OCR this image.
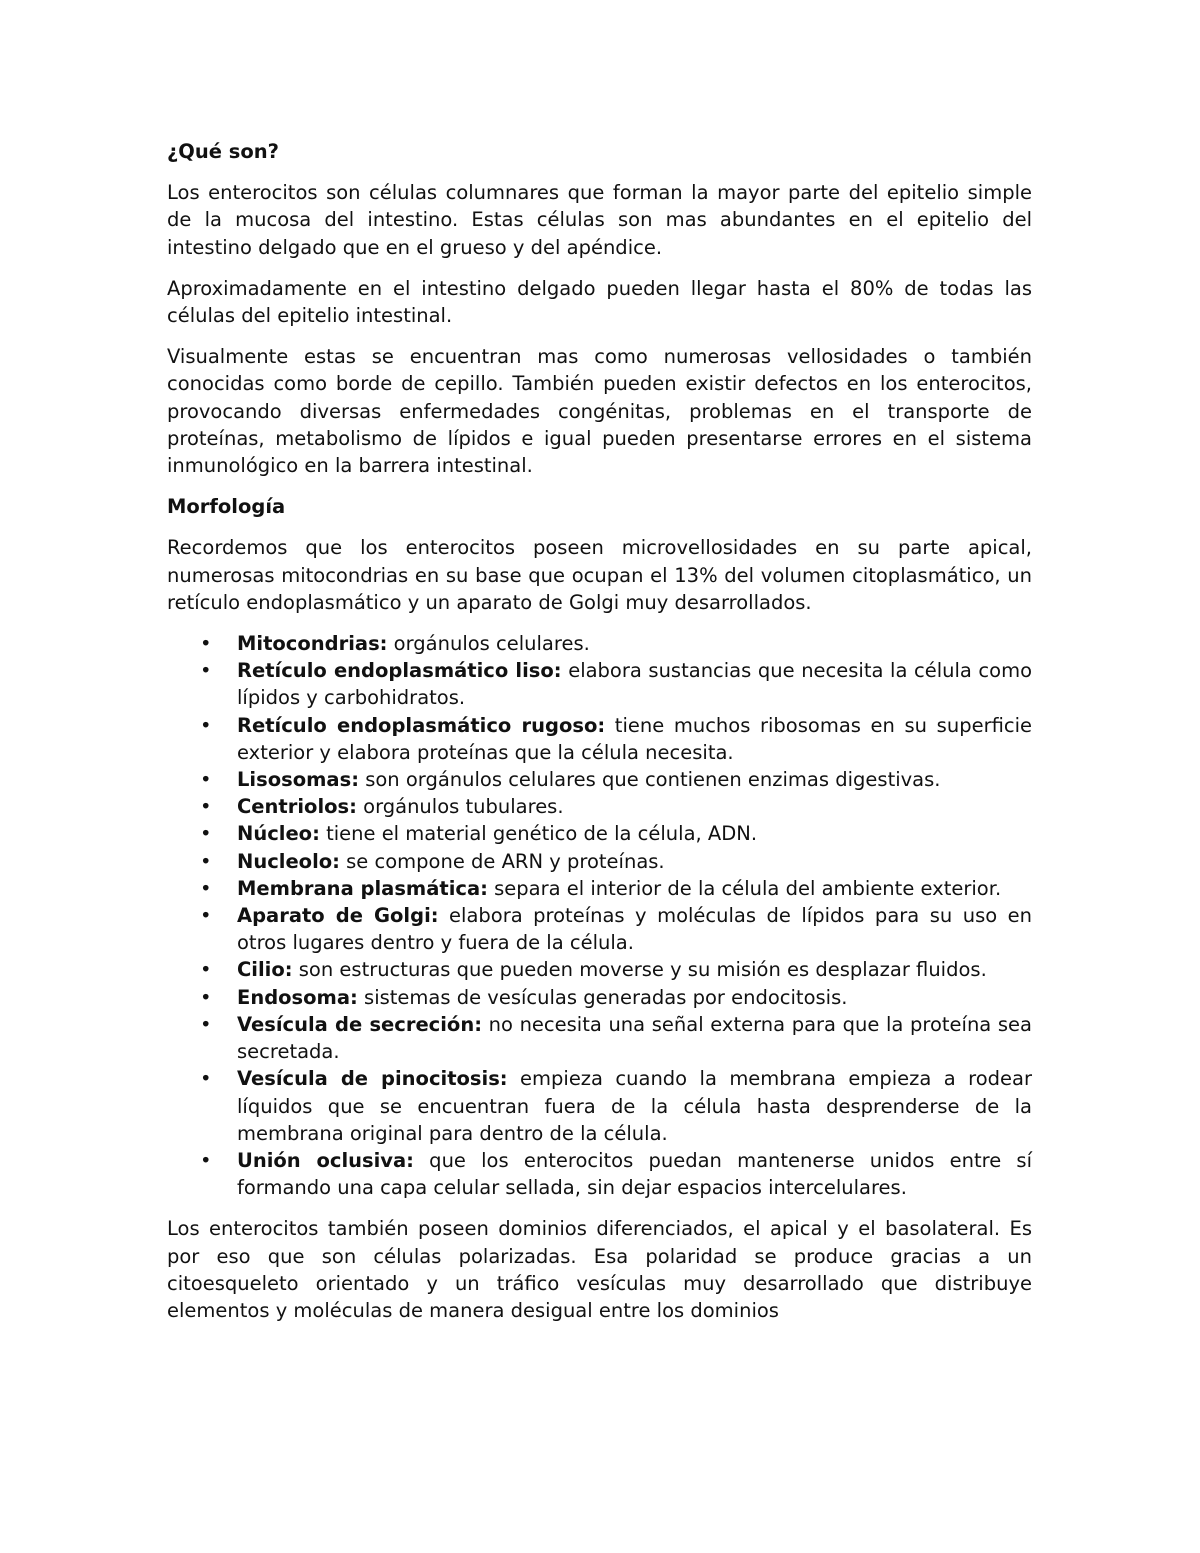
¿Qué son?

Los enterocitos son células columnares que forman la mayor parte del epitelio simple de la mucosa del intestino. Estas células son mas abundantes en el epitelio del intestino delgado que en el grueso y del apéndice.

Aproximadamente en el intestino delgado pueden llegar hasta el 80% de todas las células del epitelio intestinal.

Visualmente estas se encuentran mas como numerosas vellosidades o también conocidas como borde de cepillo. También pueden existir defectos en los enterocitos, provocando diversas enfermedades congénitas, problemas en el transporte de proteínas, metabolismo de lípidos e igual pueden presentarse errores en el sistema inmunológico en la barrera intestinal.

Morfología

Recordemos que los enterocitos poseen microvellosidades en su parte apical, numerosas mitocondrias en su base que ocupan el 13% del volumen citoplasmático, un retículo endoplasmático y un aparato de Golgi muy desarrollados.

• Mitocondrias: orgánulos celulares.
• Retículo endoplasmático liso: elabora sustancias que necesita la célula como lípidos y carbohidratos.
• Retículo endoplasmático rugoso: tiene muchos ribosomas en su superficie exterior y elabora proteínas que la célula necesita.
• Lisosomas: son orgánulos celulares que contienen enzimas digestivas.
• Centriolos: orgánulos tubulares.
• Núcleo: tiene el material genético de la célula, ADN.
• Nucleolo: se compone de ARN y proteínas.
• Membrana plasmática: separa el interior de la célula del ambiente exterior.
• Aparato de Golgi: elabora proteínas y moléculas de lípidos para su uso en otros lugares dentro y fuera de la célula.
• Cilio: son estructuras que pueden moverse y su misión es desplazar fluidos.
• Endosoma: sistemas de vesículas generadas por endocitosis.
• Vesícula de secreción: no necesita una señal externa para que la proteína sea secretada.
• Vesícula de pinocitosis: empieza cuando la membrana empieza a rodear líquidos que se encuentran fuera de la célula hasta desprenderse de la membrana original para dentro de la célula.
• Unión oclusiva: que los enterocitos puedan mantenerse unidos entre sí formando una capa celular sellada, sin dejar espacios intercelulares.

Los enterocitos también poseen dominios diferenciados, el apical y el basolateral. Es por eso que son células polarizadas. Esa polaridad se produce gracias a un citoesqueleto orientado y un tráfico vesículas muy desarrollado que distribuye elementos y moléculas de manera desigual entre los dominios
